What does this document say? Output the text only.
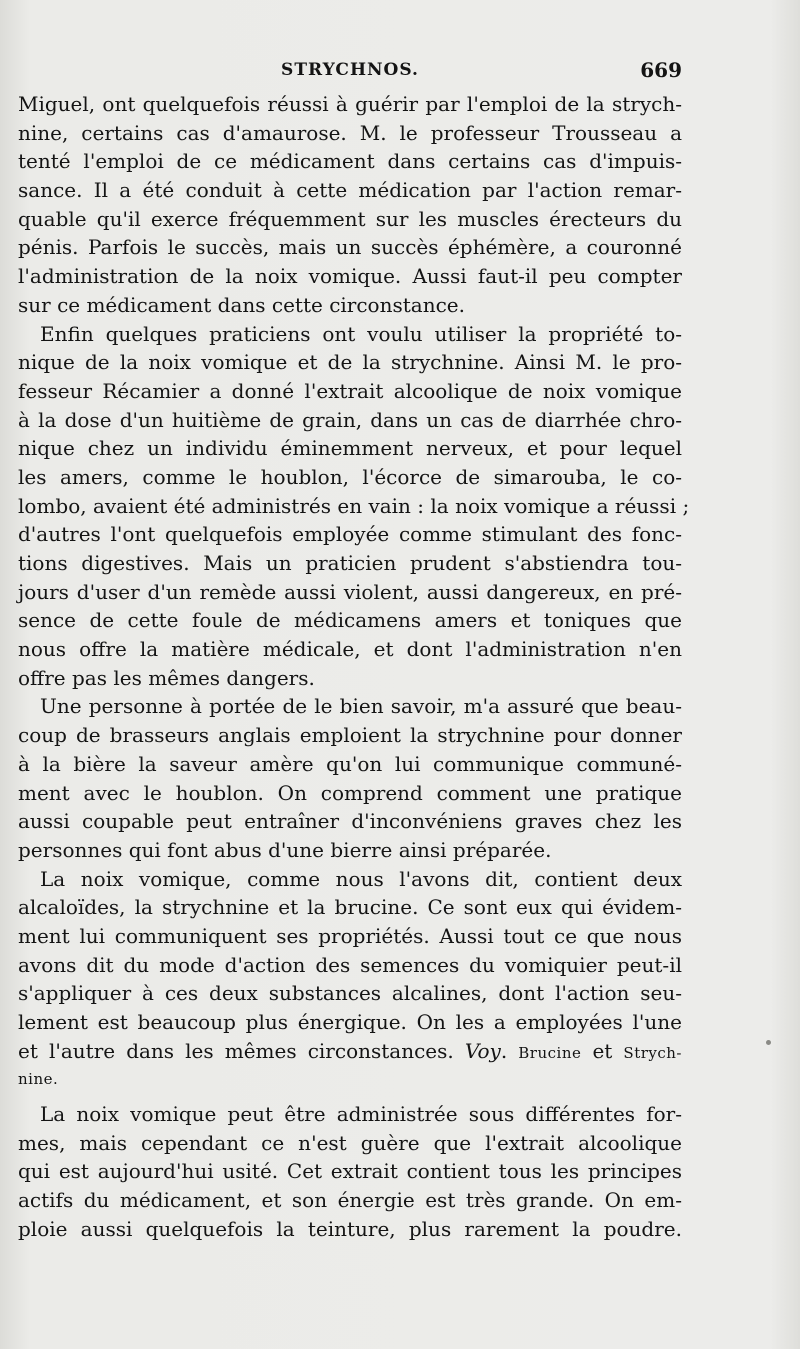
STRYCHNOS.	669
Miguel, ont quelquefois réussi à guérir par l'emploi de la strych-
nine, certains cas d'amaurose. M. le professeur Trousseau a
tenté l'emploi de ce médicament dans certains cas d'impuis-
sance. Il a été conduit à cette médication par l'action remar-
quable qu'il exerce fréquemment sur les muscles érecteurs du
pénis. Parfois le succès, mais un succès éphémère, a couronné
l'administration de la noix vomique. Aussi faut-il peu compter
sur ce médicament dans cette circonstance.
Enfin quelques praticiens ont voulu utiliser la propriété to-
nique de la noix vomique et de la strychnine. Ainsi M. le pro-
fesseur Récamier a donné l'extrait alcoolique de noix vomique
à la dose d'un huitième de grain, dans un cas de diarrhée chro-
nique chez un individu éminemment nerveux, et pour lequel
les amers, comme le houblon, l'écorce de simarouba, le co-
lombo, avaient été administrés en vain : la noix vomique a réussi ;
d'autres l'ont quelquefois employée comme stimulant des fonc-
tions digestives. Mais un praticien prudent s'abstiendra tou-
jours d'user d'un remède aussi violent, aussi dangereux, en pré-
sence de cette foule de médicamens amers et toniques que
nous offre la matière médicale, et dont l'administration n'en
offre pas les mêmes dangers.
Une personne à portée de le bien savoir, m'a assuré que beau-
coup de brasseurs anglais emploient la strychnine pour donner
à la bière la saveur amère qu'on lui communique communé-
ment avec le houblon. On comprend comment une pratique
aussi coupable peut entraîner d'inconvéniens graves chez les
personnes qui font abus d'une bierre ainsi préparée.
La noix vomique, comme nous l'avons dit, contient deux
alcaloïdes, la strychnine et la brucine. Ce sont eux qui évidem-
ment lui communiquent ses propriétés. Aussi tout ce que nous
avons dit du mode d'action des semences du vomiquier peut-il
s'appliquer à ces deux substances alcalines, dont l'action seu-
lement est beaucoup plus énergique. On les a employées l'une
et l'autre dans les mêmes circonstances. Voy. Brucine et Strych-
nine.
La noix vomique peut être administrée sous différentes for-
mes, mais cependant ce n'est guère que l'extrait alcoolique
qui est aujourd'hui usité. Cet extrait contient tous les principes
actifs du médicament, et son énergie est très grande. On em-
ploie aussi quelquefois la teinture, plus rarement la poudre.
